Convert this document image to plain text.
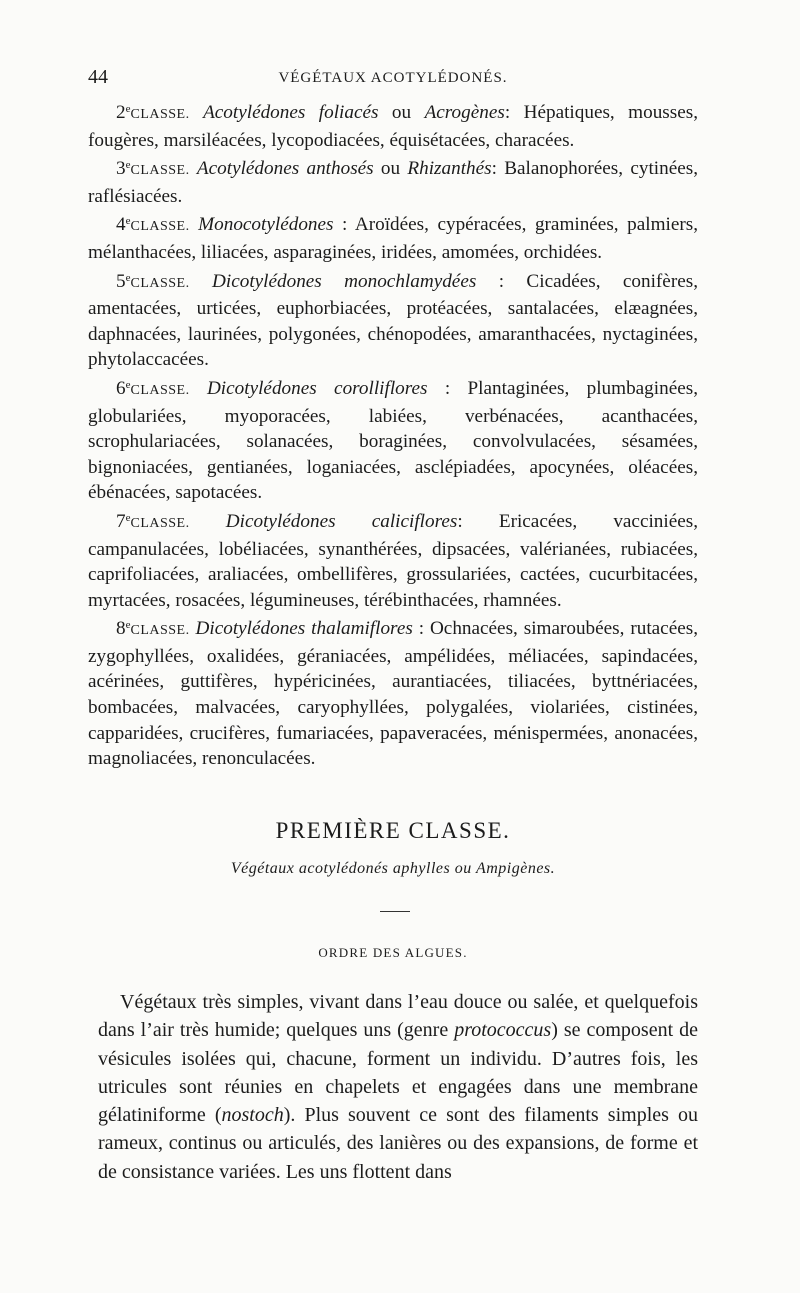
44	VÉGÉTAUX ACOTYLÉDONÉS.

2eCLASSE. Acotylédones foliacés ou Acrogènes: Hépatiques, mousses, fougères, marsiléacées, lycopodiacées, équisétacées, characées.

3eCLASSE. Acotylédones anthosés ou Rhizanthés: Balanophorées, cytinées, raflésiacées.

4eCLASSE. Monocotylédones : Aroïdées, cypéracées, graminées, palmiers, mélanthacées, liliacées, asparaginées, iridées, amomées, orchidées.

5eCLASSE. Dicotylédones monochlamydées : Cicadées, conifères, amentacées, urticées, euphorbiacées, protéacées, santalacées, elæagnées, daphnacées, laurinées, polygonées, chénopodées, amaranthacées, nyctaginées, phytolaccacées.

6eCLASSE. Dicotylédones corolliflores : Plantaginées, plumbaginées, globulariées, myoporacées, labiées, verbénacées, acanthacées, scrophulariacées, solanacées, boraginées, convolvulacées, sésamées, bignoniacées, gentianées, loganiacées, asclépiadées, apocynées, oléacées, ébénacées, sapotacées.

7eCLASSE. Dicotylédones caliciflores: Ericacées, vacciniées, campanulacées, lobéliacées, synanthérées, dipsacées, valérianées, rubiacées, caprifoliacées, araliacées, ombellifères, grossulariées, cactées, cucurbitacées, myrtacées, rosacées, légumineuses, térébinthacées, rhamnées.

8eCLASSE. Dicotylédones thalamiflores : Ochnacées, simaroubées, rutacées, zygophyllées, oxalidées, géraniacées, ampélidées, méliacées, sapindacées, acérinées, guttifères, hypéricinées, aurantiacées, tiliacées, byttnériacées, bombacées, malvacées, caryophyllées, polygalées, violariées, cistinées, capparidées, crucifères, fumariacées, papaveracées, ménispermées, anonacées, magnoliacées, renonculacées.

PREMIÈRE CLASSE.
Végétaux acotylédonés aphylles ou Ampigènes.
ORDRE DES ALGUES.

Végétaux très simples, vivant dans l’eau douce ou salée, et quelquefois dans l’air très humide; quelques uns (genre protococcus) se composent de vésicules isolées qui, chacune, forment un individu. D’autres fois, les utricules sont réunies en chapelets et engagées dans une membrane gélatiniforme (nostoch). Plus souvent ce sont des filaments simples ou rameux, continus ou articulés, des lanières ou des expansions, de forme et de consistance variées. Les uns flottent dans
